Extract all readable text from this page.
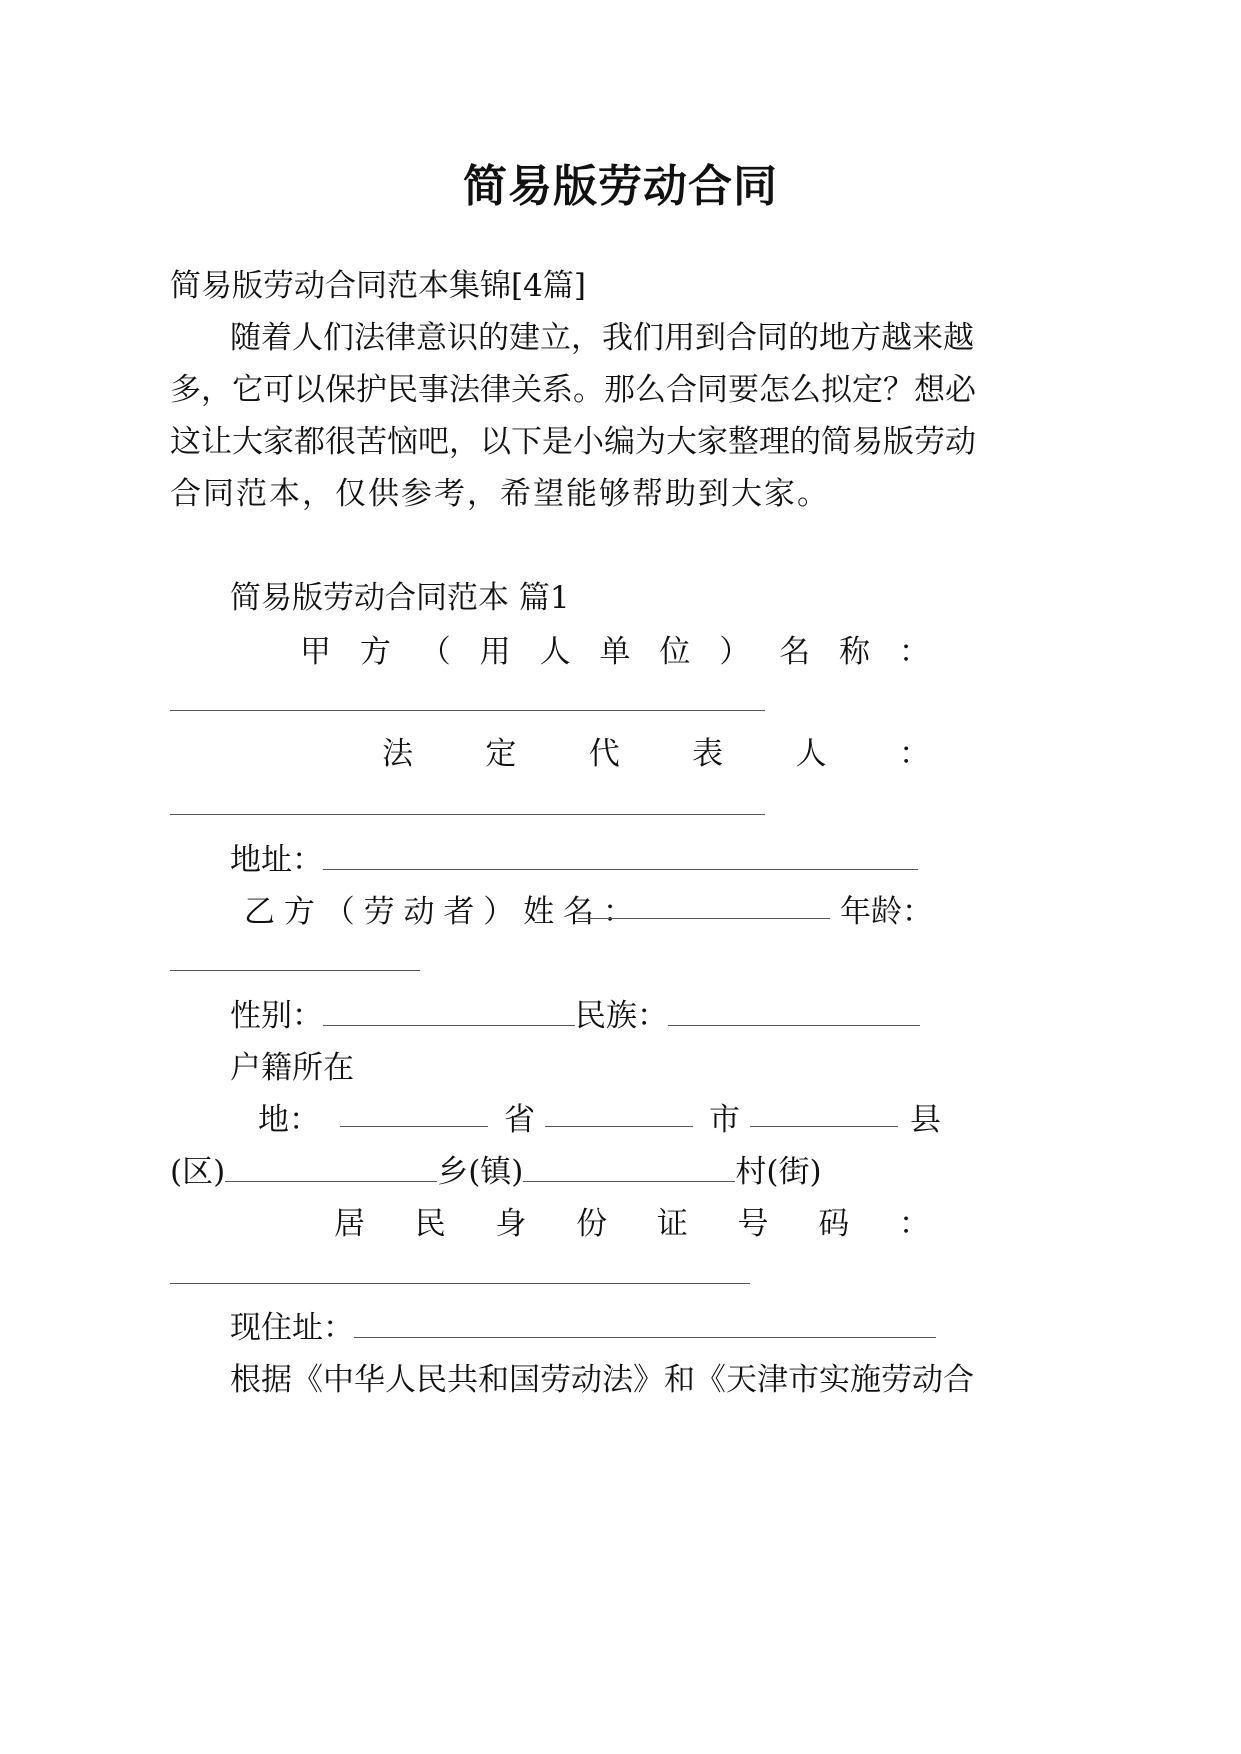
简易版劳动合同
简易版劳动合同范本集锦[4篇]
随着人们法律意识的建立，我们用到合同的地方越来越
多，它可以保护民事法律关系。那么合同要怎么拟定？想必
这让大家都很苦恼吧，以下是小编为大家整理的简易版劳动
合同范本，仅供参考，希望能够帮助到大家。
简易版劳动合同范本 篇1
甲 方 （ 用 人 单 位 ） 名 称 ：
法 定 代 表 人 ：
地址：
乙 方 （ 劳 动 者 ） 姓 名 ：	年 龄 ：
性别：	民族：
户籍所在
地 ：	省	市	县
(区)	乡(镇)	村(街)
居 民 身 份 证 号 码 ：
现住址：
根据《中华人民共和国劳动法》和《天津市实施劳动合
